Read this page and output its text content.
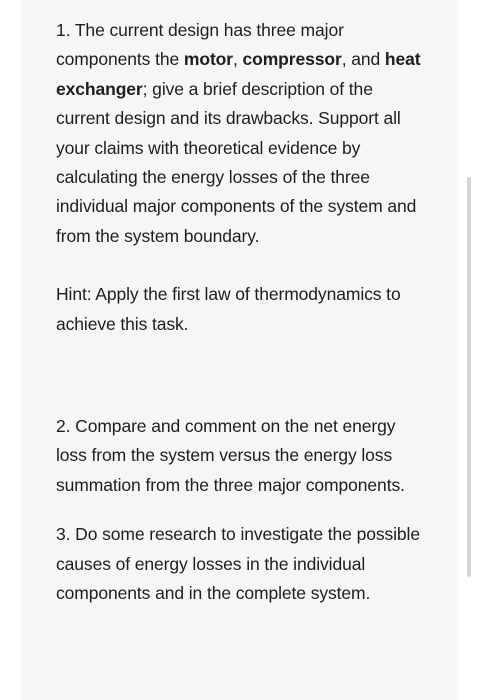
1. The current design has three major components the motor, compressor, and heat exchanger; give a brief description of the current design and its drawbacks. Support all your claims with theoretical evidence by calculating the energy losses of the three individual major components of the system and from the system boundary.

Hint: Apply the first law of thermodynamics to achieve this task.

2. Compare and comment on the net energy loss from the system versus the energy loss summation from the three major components.

3. Do some research to investigate the possible causes of energy losses in the individual components and in the complete system.
